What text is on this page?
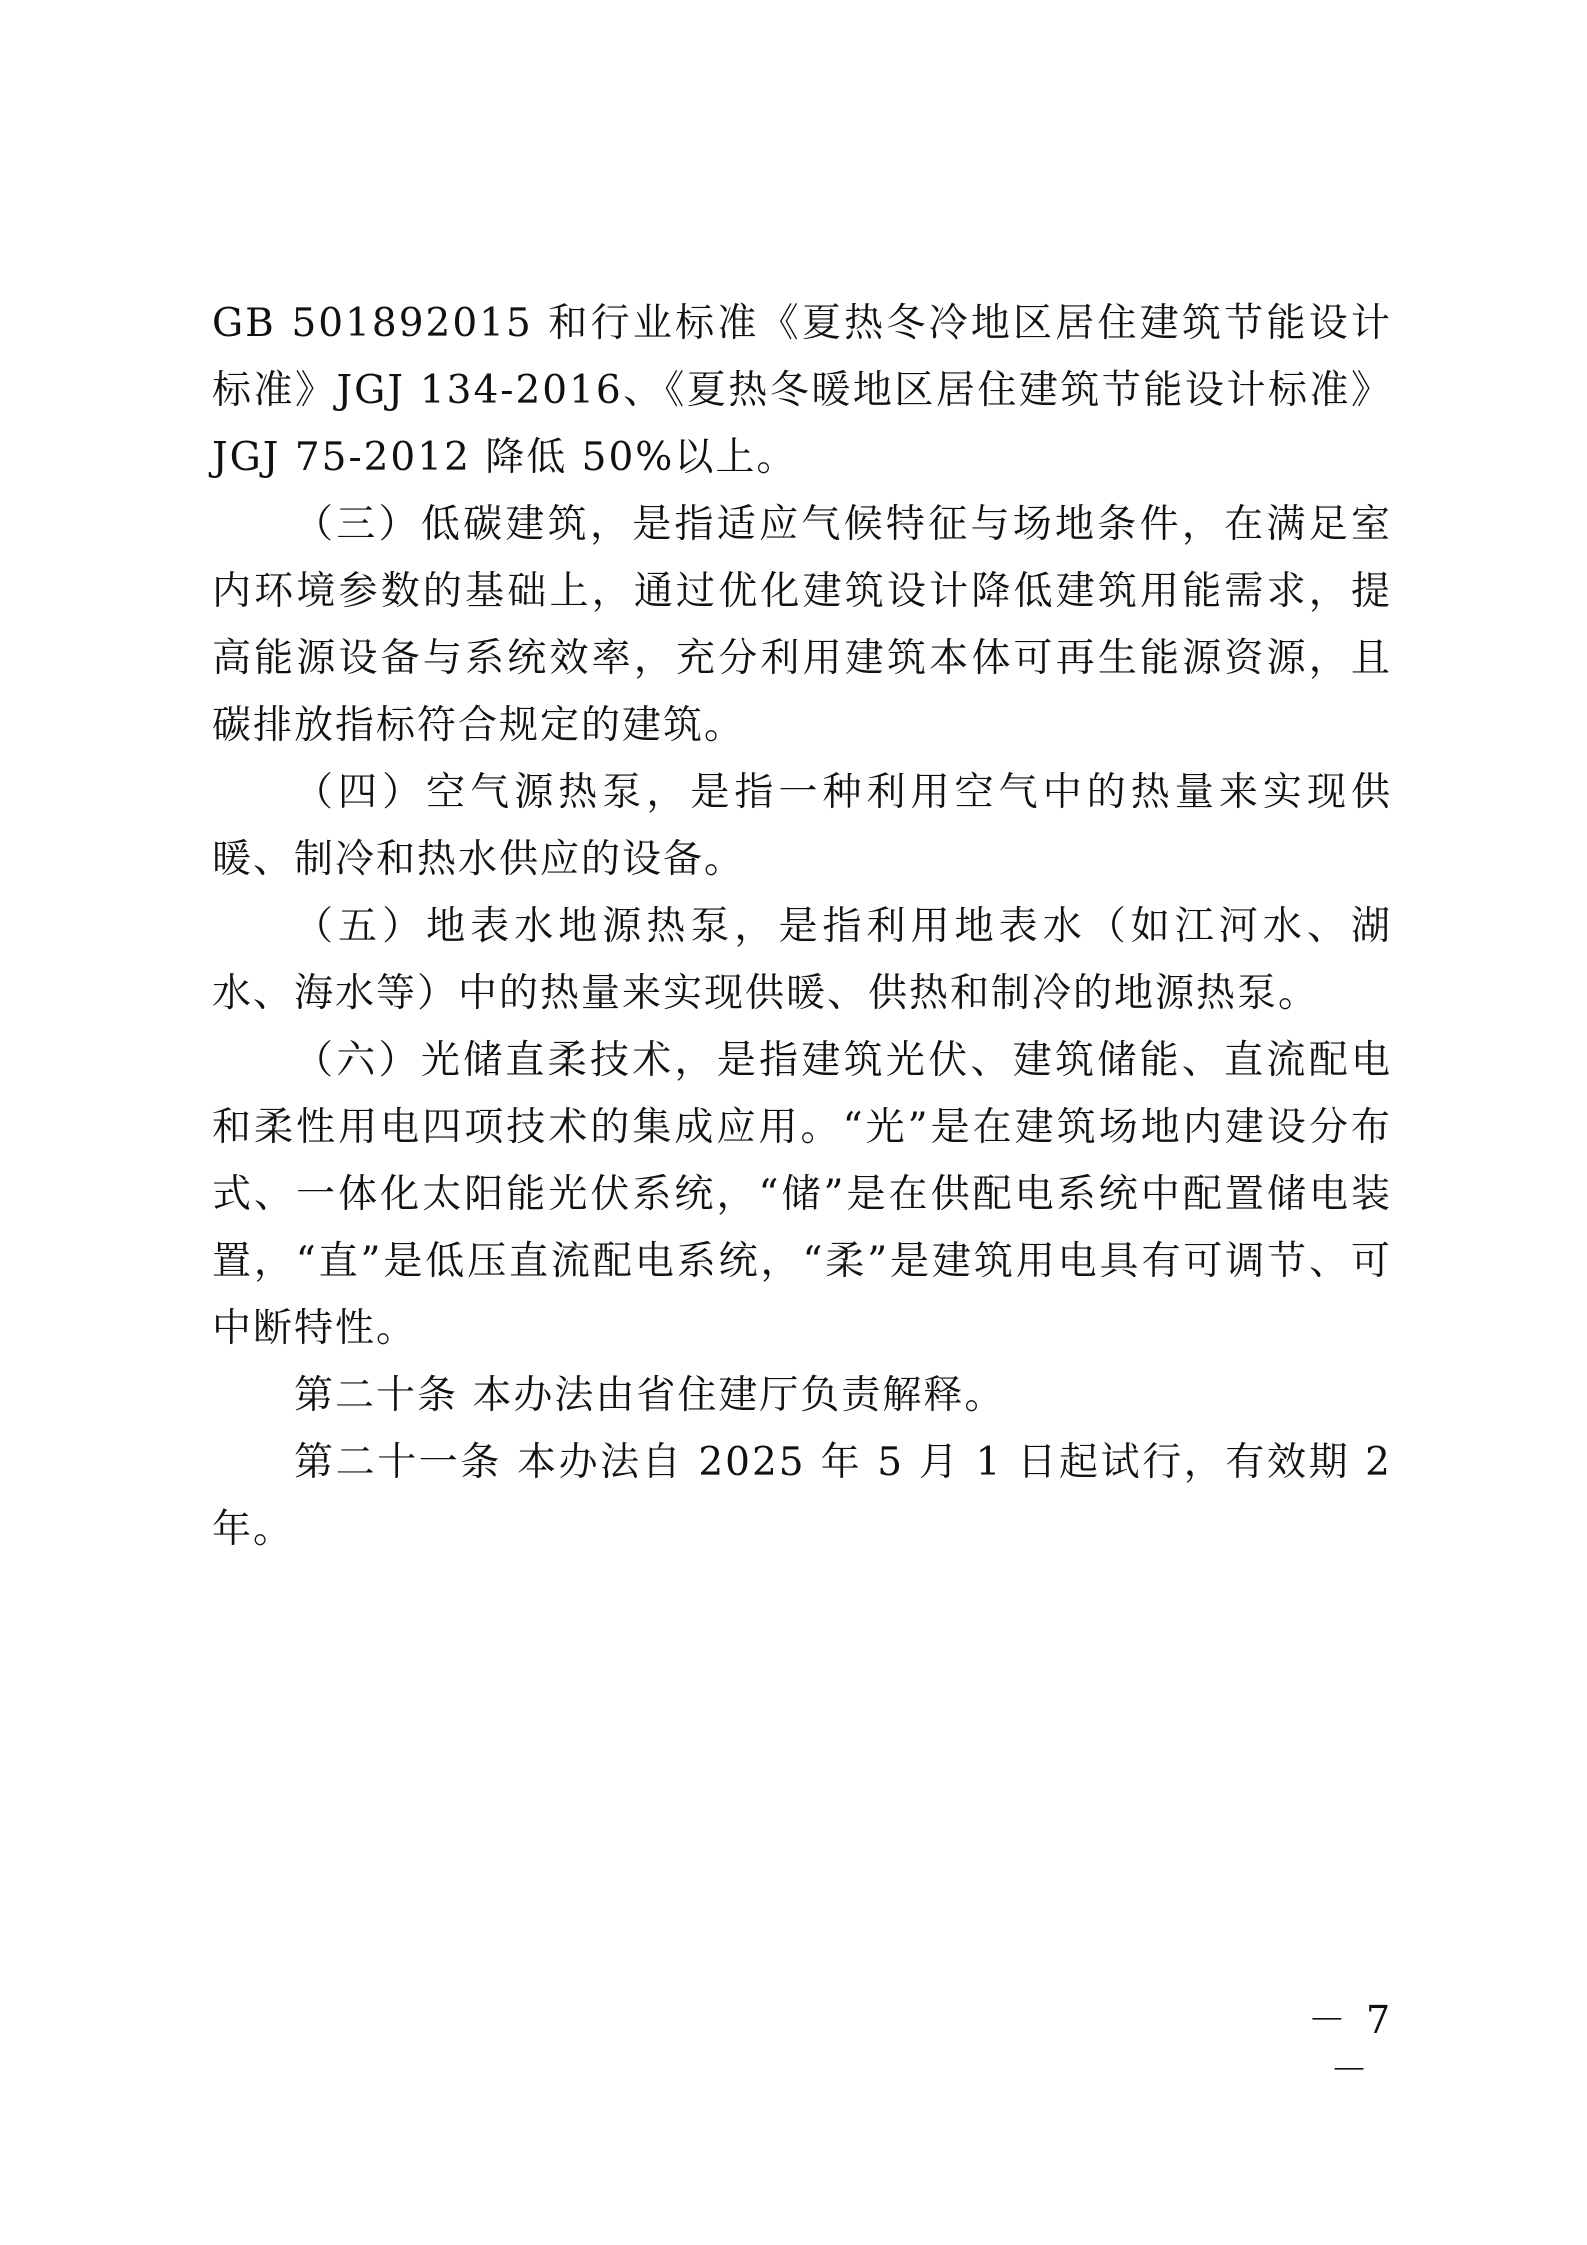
GB 501892015 和行业标准《夏热冬冷地区居住建筑节能设计标准》JGJ 134-2016、《夏热冬暖地区居住建筑节能设计标准》JGJ 75-2012 降低 50%以上。

（三）低碳建筑，是指适应气候特征与场地条件，在满足室内环境参数的基础上，通过优化建筑设计降低建筑用能需求，提高能源设备与系统效率，充分利用建筑本体可再生能源资源，且碳排放指标符合规定的建筑。

（四）空气源热泵，是指一种利用空气中的热量来实现供暖、制冷和热水供应的设备。

（五）地表水地源热泵，是指利用地表水（如江河水、湖水、海水等）中的热量来实现供暖、供热和制冷的地源热泵。

（六）光储直柔技术，是指建筑光伏、建筑储能、直流配电和柔性用电四项技术的集成应用。“光”是在建筑场地内建设分布式、一体化太阳能光伏系统，“储”是在供配电系统中配置储电装置，“直”是低压直流配电系统，“柔”是建筑用电具有可调节、可中断特性。

第二十条 本办法由省住建厅负责解释。

第二十一条 本办法自 2025 年 5 月 1 日起试行，有效期 2 年。

－ 7 －
